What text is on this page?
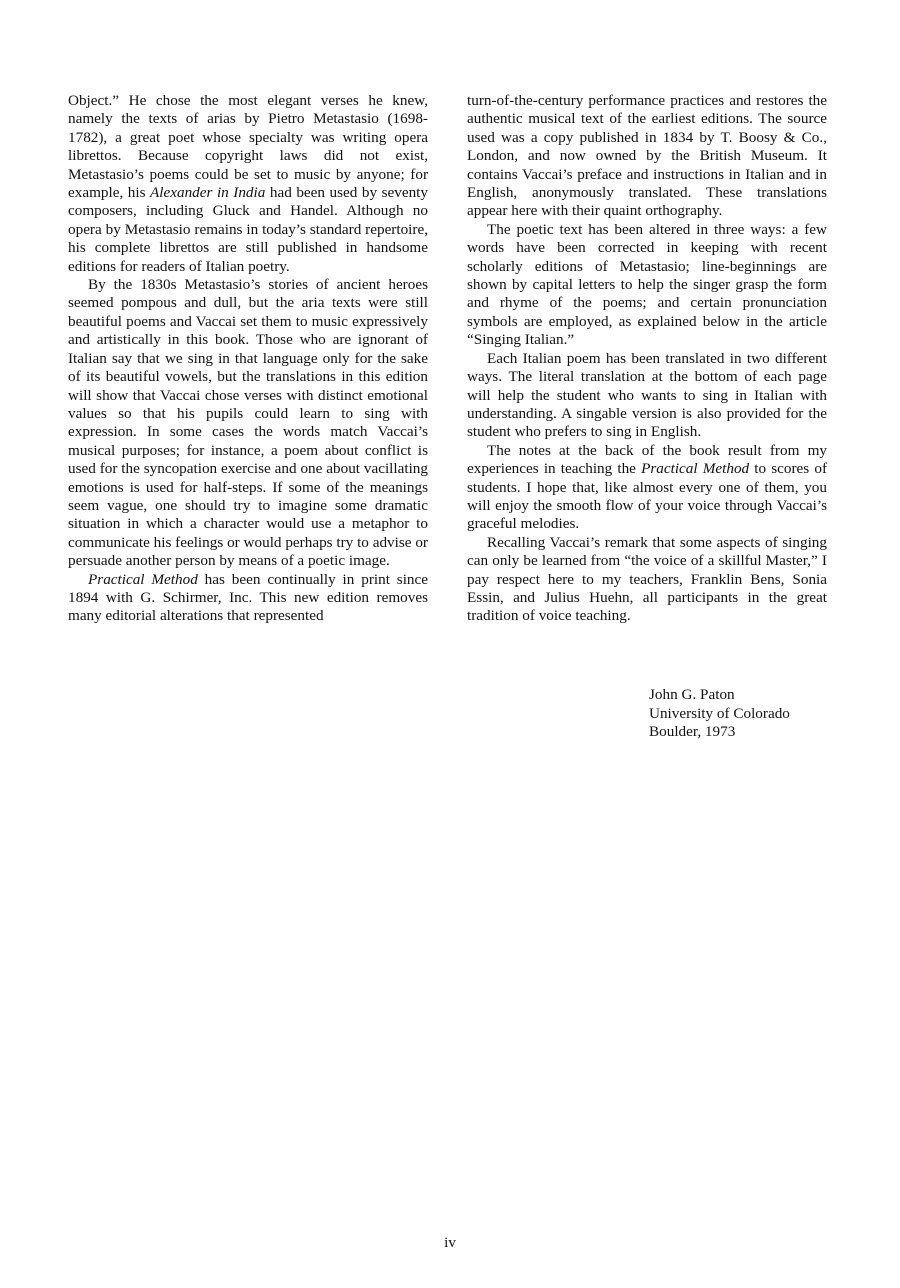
Object.” He chose the most elegant verses he knew, namely the texts of arias by Pietro Metastasio (1698-1782), a great poet whose specialty was writing opera librettos. Because copyright laws did not exist, Metastasio’s poems could be set to music by anyone; for example, his Alexander in India had been used by seventy composers, including Gluck and Handel. Although no opera by Metastasio remains in today’s standard repertoire, his complete librettos are still published in handsome editions for readers of Italian poetry.

By the 1830s Metastasio’s stories of ancient heroes seemed pompous and dull, but the aria texts were still beautiful poems and Vaccai set them to music expressively and artistically in this book. Those who are ignorant of Italian say that we sing in that language only for the sake of its beautiful vowels, but the translations in this edition will show that Vaccai chose verses with distinct emotional values so that his pupils could learn to sing with expression. In some cases the words match Vaccai’s musical purposes; for instance, a poem about conflict is used for the syncopation exercise and one about vacillating emotions is used for half-steps. If some of the meanings seem vague, one should try to imagine some dramatic situation in which a character would use a metaphor to communicate his feelings or would perhaps try to advise or persuade another person by means of a poetic image.

Practical Method has been continually in print since 1894 with G. Schirmer, Inc. This new edition removes many editorial alterations that represented

turn-of-the-century performance practices and restores the authentic musical text of the earliest editions. The source used was a copy published in 1834 by T. Boosy & Co., London, and now owned by the British Museum. It contains Vaccai’s preface and instructions in Italian and in English, anonymously translated. These translations appear here with their quaint orthography.

The poetic text has been altered in three ways: a few words have been corrected in keeping with recent scholarly editions of Metastasio; line-beginnings are shown by capital letters to help the singer grasp the form and rhyme of the poems; and certain pronunciation symbols are employed, as explained below in the article “Singing Italian.”

Each Italian poem has been translated in two different ways. The literal translation at the bottom of each page will help the student who wants to sing in Italian with understanding. A singable version is also provided for the student who prefers to sing in English.

The notes at the back of the book result from my experiences in teaching the Practical Method to scores of students. I hope that, like almost every one of them, you will enjoy the smooth flow of your voice through Vaccai’s graceful melodies.

Recalling Vaccai’s remark that some aspects of singing can only be learned from “the voice of a skillful Master,” I pay respect here to my teachers, Franklin Bens, Sonia Essin, and Julius Huehn, all participants in the great tradition of voice teaching.

John G. Paton
University of Colorado
Boulder, 1973
iv
